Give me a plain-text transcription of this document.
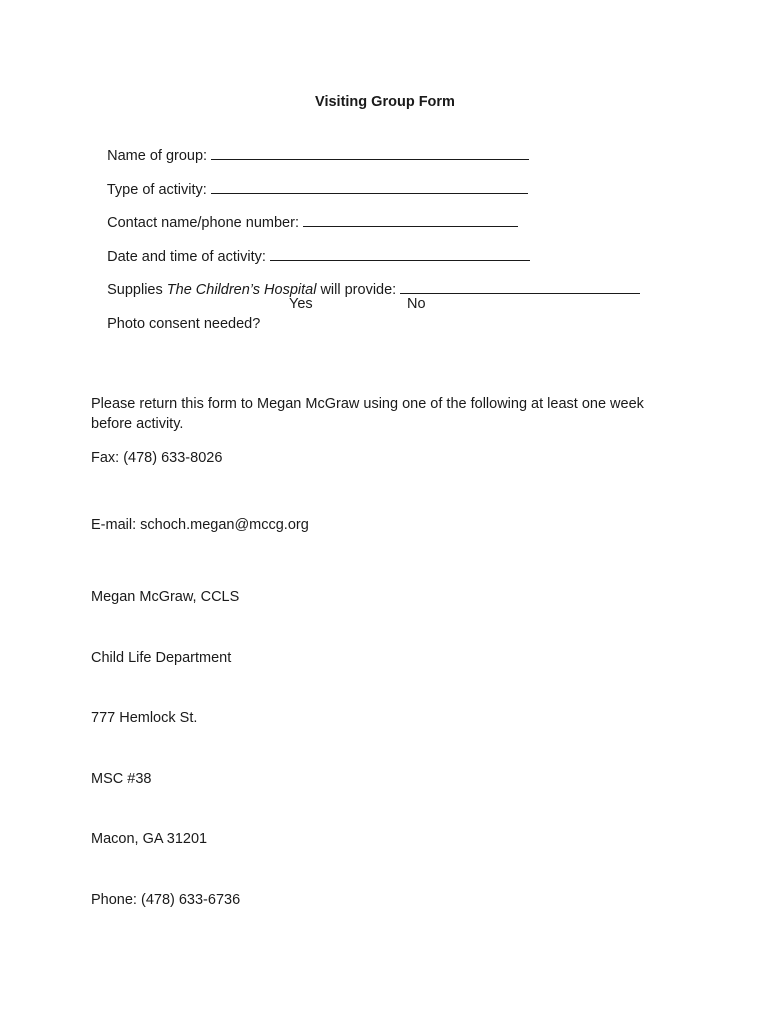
Visiting Group Form

Name of group:

Type of activity:

Contact name/phone number:

Date and time of activity:

Supplies The Children’s Hospital will provide:

Photo consent needed?

Yes

	No

Please return this form to Megan McGraw using one of the following at least one week
before activity.
Fax: (478) 633-8026
E-mail: schoch.megan@mccg.org

Megan McGraw, CCLS

Child Life Department

777 Hemlock St.

MSC #38

Macon, GA 31201

Phone: (478) 633-6736
